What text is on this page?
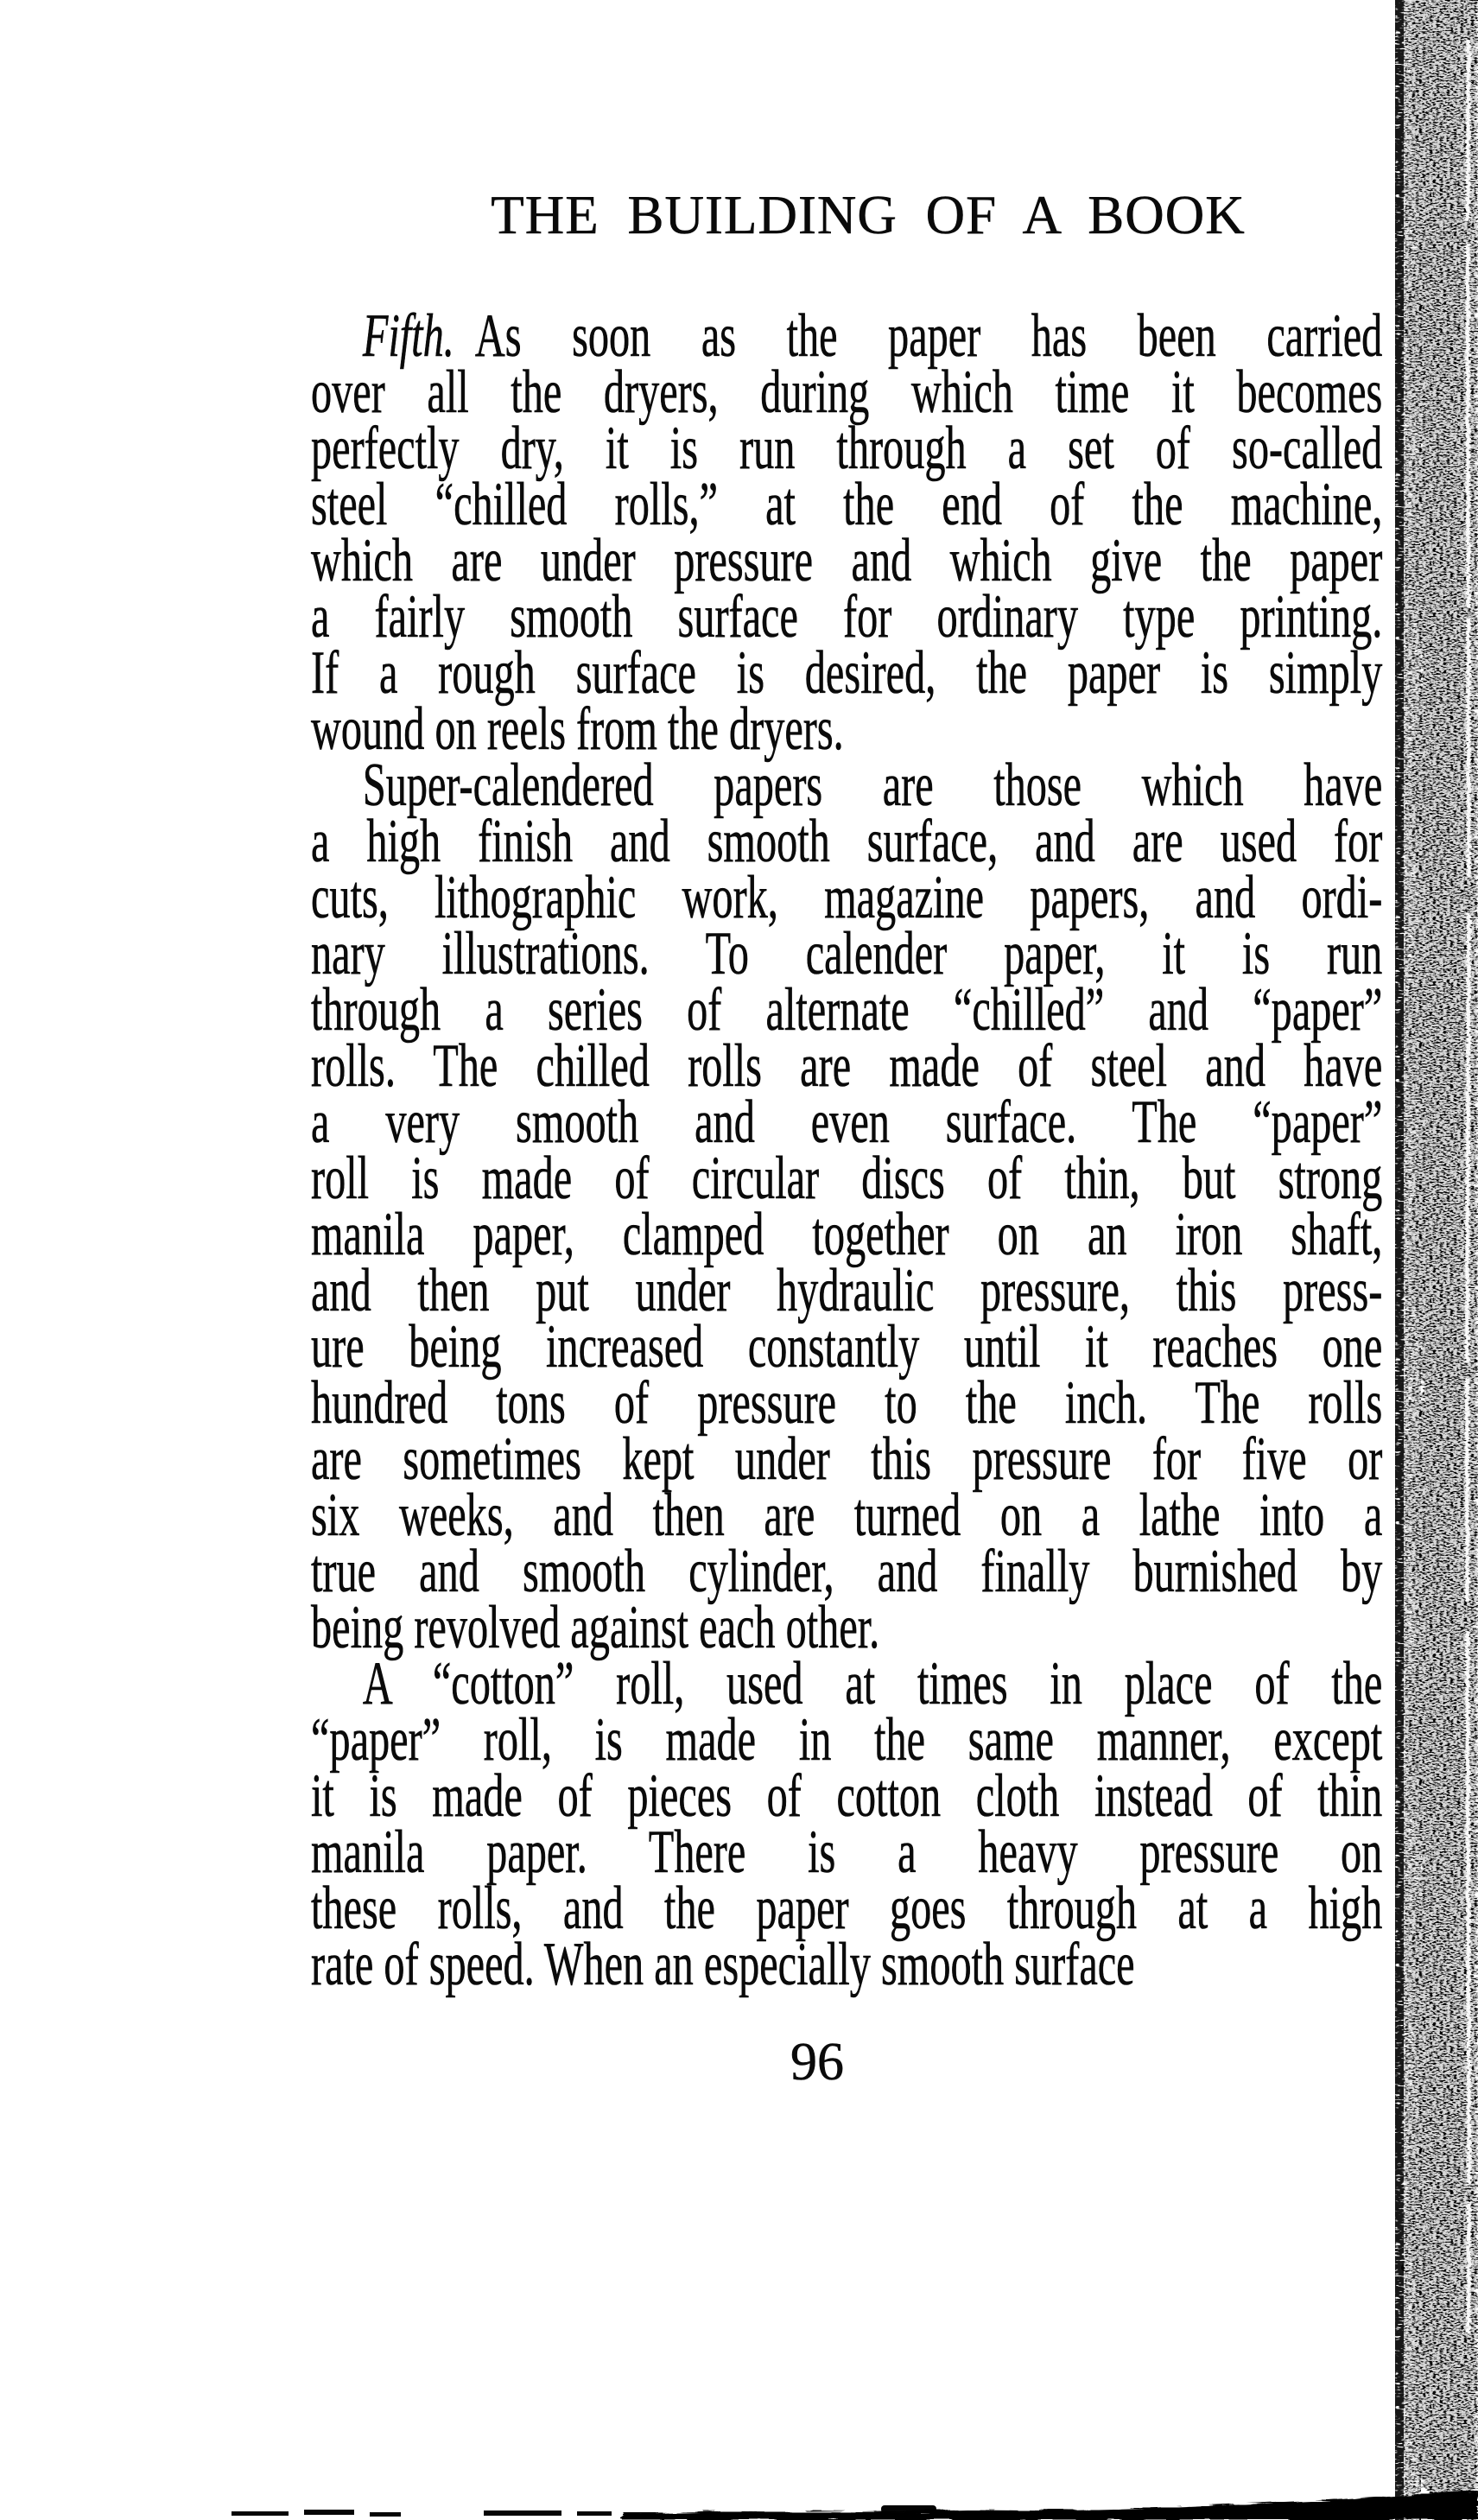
THE BUILDING OF A BOOK
Fifth. As soon as the paper has been carried
over all the dryers, during which time it becomes
perfectly dry, it is run through a set of so-called
steel “chilled rolls,” at the end of the machine,
which are under pressure and which give the paper
a fairly smooth surface for ordinary type printing.
If a rough surface is desired, the paper is simply
wound on reels from the dryers.
Super-calendered papers are those which have
a high finish and smooth surface, and are used for
cuts, lithographic work, magazine papers, and ordi-
nary illustrations. To calender paper, it is run
through a series of alternate “chilled” and “paper”
rolls. The chilled rolls are made of steel and have
a very smooth and even surface. The “paper”
roll is made of circular discs of thin, but strong
manila paper, clamped together on an iron shaft,
and then put under hydraulic pressure, this press-
ure being increased constantly until it reaches one
hundred tons of pressure to the inch. The rolls
are sometimes kept under this pressure for five or
six weeks, and then are turned on a lathe into a
true and smooth cylinder, and finally burnished by
being revolved against each other.
A “cotton” roll, used at times in place of the
“paper” roll, is made in the same manner, except
it is made of pieces of cotton cloth instead of thin
manila paper. There is a heavy pressure on
these rolls, and the paper goes through at a high
rate of speed. When an especially smooth surface
96
